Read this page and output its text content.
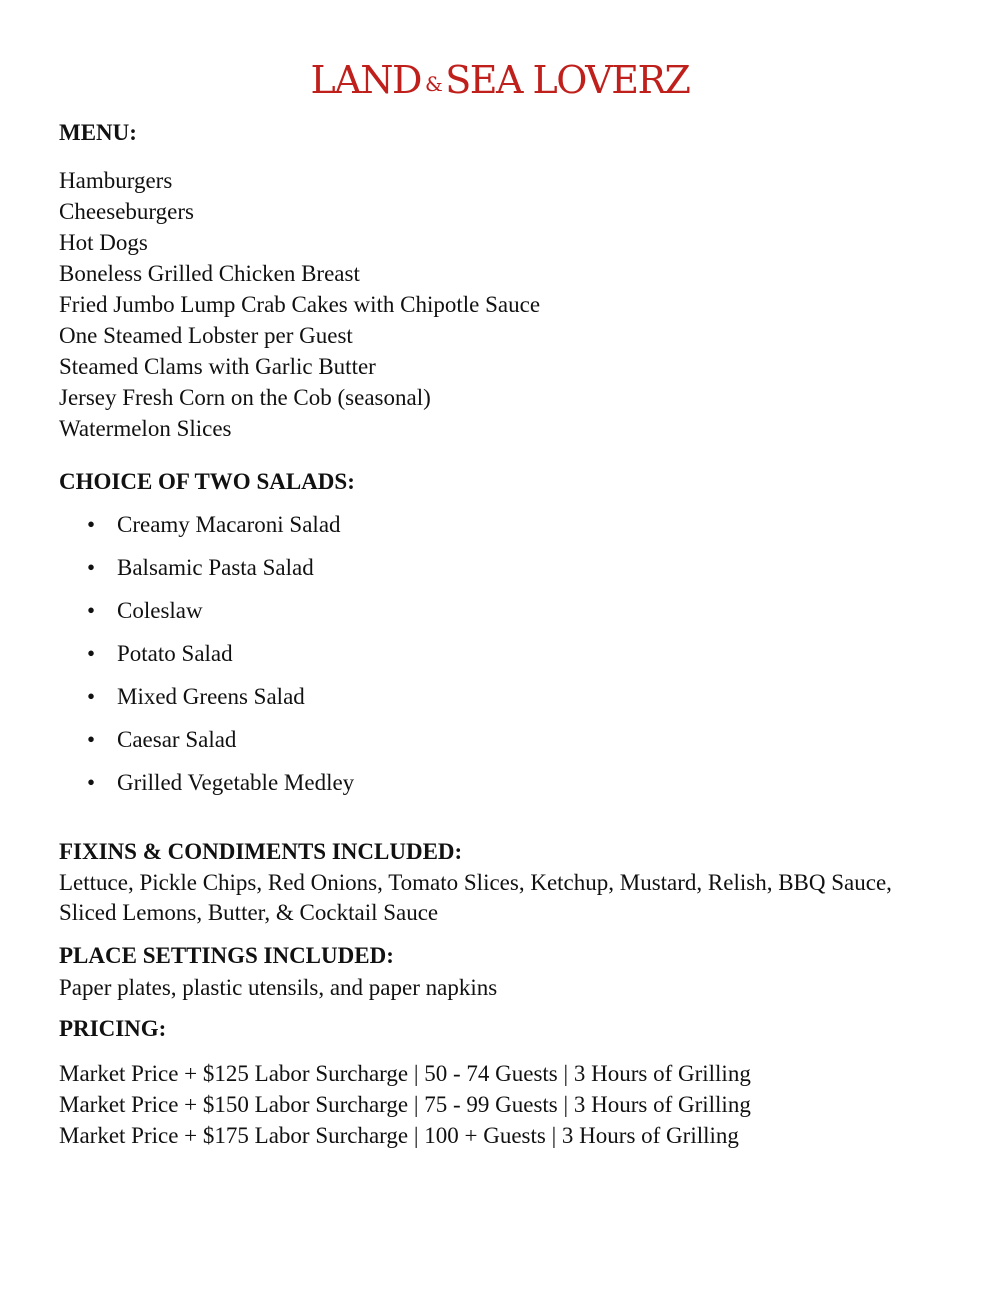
LAND & SEA LOVERZ

MENU:

Hamburgers
Cheeseburgers
Hot Dogs
Boneless Grilled Chicken Breast
Fried Jumbo Lump Crab Cakes with Chipotle Sauce
One Steamed Lobster per Guest
Steamed Clams with Garlic Butter
Jersey Fresh Corn on the Cob (seasonal)
Watermelon Slices

CHOICE OF TWO SALADS:

• Creamy Macaroni Salad
• Balsamic Pasta Salad
• Coleslaw
• Potato Salad
• Mixed Greens Salad
• Caesar Salad
• Grilled Vegetable Medley

FIXINS & CONDIMENTS INCLUDED:

Lettuce, Pickle Chips, Red Onions, Tomato Slices, Ketchup, Mustard, Relish, BBQ Sauce, Sliced Lemons, Butter, & Cocktail Sauce

PLACE SETTINGS INCLUDED:

Paper plates, plastic utensils, and paper napkins

PRICING:

Market Price + $125 Labor Surcharge | 50 - 74 Guests | 3 Hours of Grilling
Market Price + $150 Labor Surcharge | 75 - 99 Guests | 3 Hours of Grilling
Market Price + $175 Labor Surcharge | 100 + Guests | 3 Hours of Grilling
